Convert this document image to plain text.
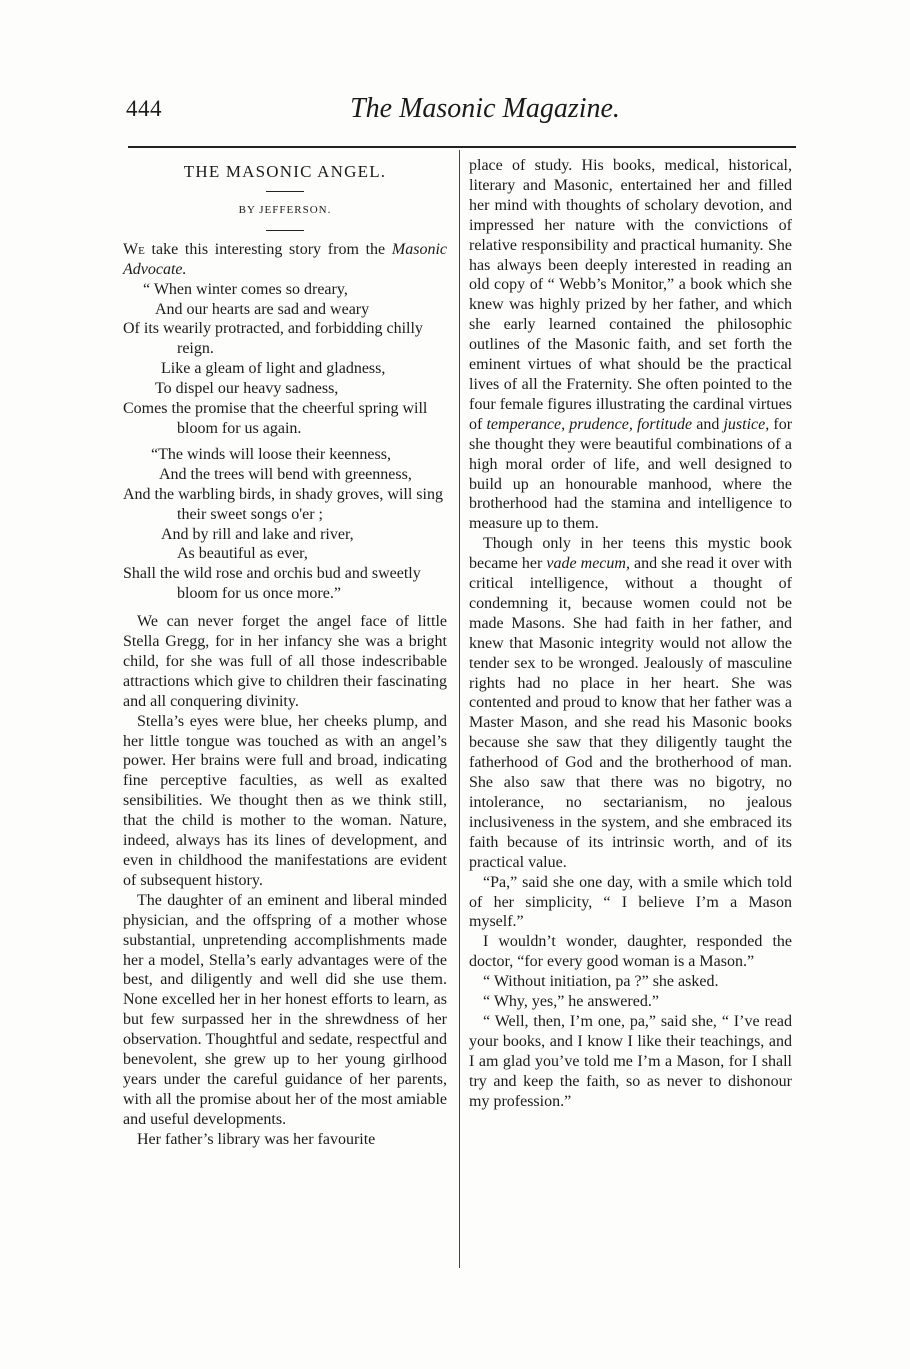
444	The Masonic Magazine.
THE MASONIC ANGEL.
BY JEFFERSON.

We take this interesting story from the Masonic Advocate.

“ When winter comes so dreary,
And our hearts are sad and weary
Of its wearily protracted, and forbidding chilly reign.
Like a gleam of light and gladness,
To dispel our heavy sadness,
Comes the promise that the cheerful spring will bloom for us again.
“The winds will loose their keenness,
And the trees will bend with greenness,
And the warbling birds, in shady groves, will sing their sweet songs o'er ;
And by rill and lake and river,
As beautiful as ever,
Shall the wild rose and orchis bud and sweetly bloom for us once more.”

We can never forget the angel face of little Stella Gregg, for in her infancy she was a bright child, for she was full of all those indescribable attractions which give to children their fascinating and all conquering divinity.

Stella’s eyes were blue, her cheeks plump, and her little tongue was touched as with an angel’s power. Her brains were full and broad, indicating fine perceptive faculties, as well as exalted sensibilities. We thought then as we think still, that the child is mother to the woman. Nature, indeed, always has its lines of development, and even in childhood the manifestations are evident of subsequent history.

The daughter of an eminent and liberal minded physician, and the offspring of a mother whose substantial, unpretending accomplishments made her a model, Stella’s early advantages were of the best, and diligently and well did she use them. None excelled her in her honest efforts to learn, as but few surpassed her in the shrewdness of her observation. Thoughtful and sedate, respectful and benevolent, she grew up to her young girlhood years under the careful guidance of her parents, with all the promise about her of the most amiable and useful developments.

Her father’s library was her favourite

place of study. His books, medical, historical, literary and Masonic, entertained her and filled her mind with thoughts of scholary devotion, and impressed her nature with the convictions of relative responsibility and practical humanity. She has always been deeply interested in reading an old copy of “ Webb’s Monitor,” a book which she knew was highly prized by her father, and which she early learned contained the philosophic outlines of the Masonic faith, and set forth the eminent virtues of what should be the practical lives of all the Fraternity. She often pointed to the four female figures illustrating the cardinal virtues of temperance, prudence, fortitude and justice, for she thought they were beautiful combinations of a high moral order of life, and well designed to build up an honourable manhood, where the brotherhood had the stamina and intelligence to measure up to them.

Though only in her teens this mystic book became her vade mecum, and she read it over with critical intelligence, without a thought of condemning it, because women could not be made Masons. She had faith in her father, and knew that Masonic integrity would not allow the tender sex to be wronged. Jealously of masculine rights had no place in her heart. She was contented and proud to know that her father was a Master Mason, and she read his Masonic books because she saw that they diligently taught the fatherhood of God and the brotherhood of man. She also saw that there was no bigotry, no intolerance, no sectarianism, no jealous inclusiveness in the system, and she embraced its faith because of its intrinsic worth, and of its practical value.

“Pa,” said she one day, with a smile which told of her simplicity, “ I believe I’m a Mason myself.”

I wouldn’t wonder, daughter, responded the doctor, “for every good woman is a Mason.”

“ Without initiation, pa ?” she asked.

“ Why, yes,” he answered.”

“ Well, then, I’m one, pa,” said she, “ I’ve read your books, and I know I like their teachings, and I am glad you’ve told me I’m a Mason, for I shall try and keep the faith, so as never to dishonour my profession.”
